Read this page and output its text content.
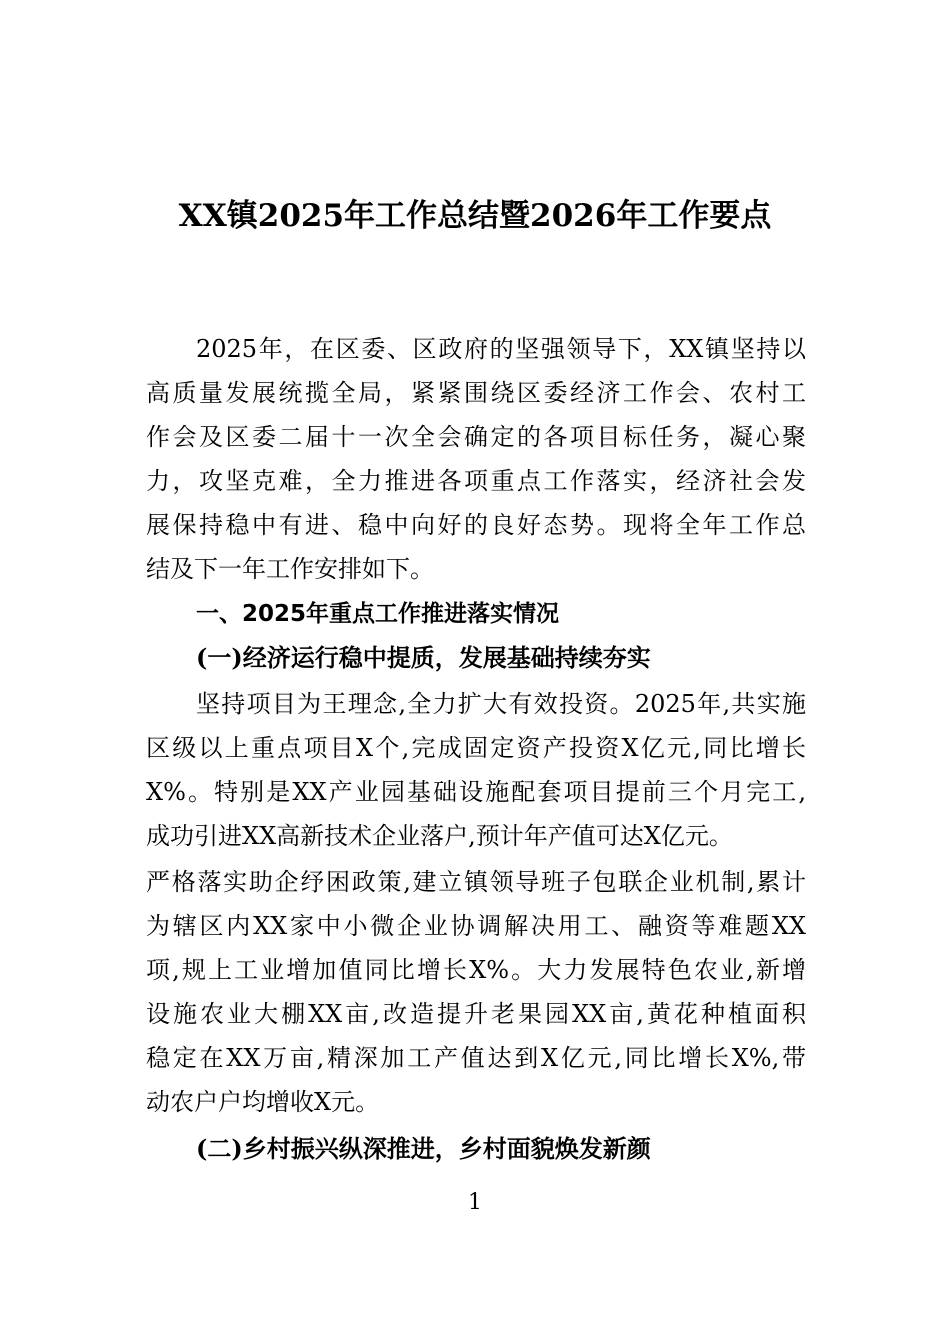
XX镇2025年工作总结暨2026年工作要点
2025年，在区委、区政府的坚强领导下，XX镇坚持以
高质量发展统揽全局，紧紧围绕区委经济工作会、农村工
作会及区委二届十一次全会确定的各项目标任务，凝心聚
力，攻坚克难，全力推进各项重点工作落实，经济社会发
展保持稳中有进、稳中向好的良好态势。现将全年工作总
结及下一年工作安排如下。
一、2025年重点工作推进落实情况
(一)经济运行稳中提质，发展基础持续夯实
坚持项目为王理念,全力扩大有效投资。2025年,共实施
区级以上重点项目X个,完成固定资产投资X亿元,同比增长
X%。特别是XX产业园基础设施配套项目提前三个月完工,
成功引进XX高新技术企业落户,预计年产值可达X亿元。
严格落实助企纾困政策,建立镇领导班子包联企业机制,累计
为辖区内XX家中小微企业协调解决用工、融资等难题XX
项,规上工业增加值同比增长X%。大力发展特色农业,新增
设施农业大棚XX亩,改造提升老果园XX亩,黄花种植面积
稳定在XX万亩,精深加工产值达到X亿元,同比增长X%,带
动农户户均增收X元。
(二)乡村振兴纵深推进，乡村面貌焕发新颜
1
